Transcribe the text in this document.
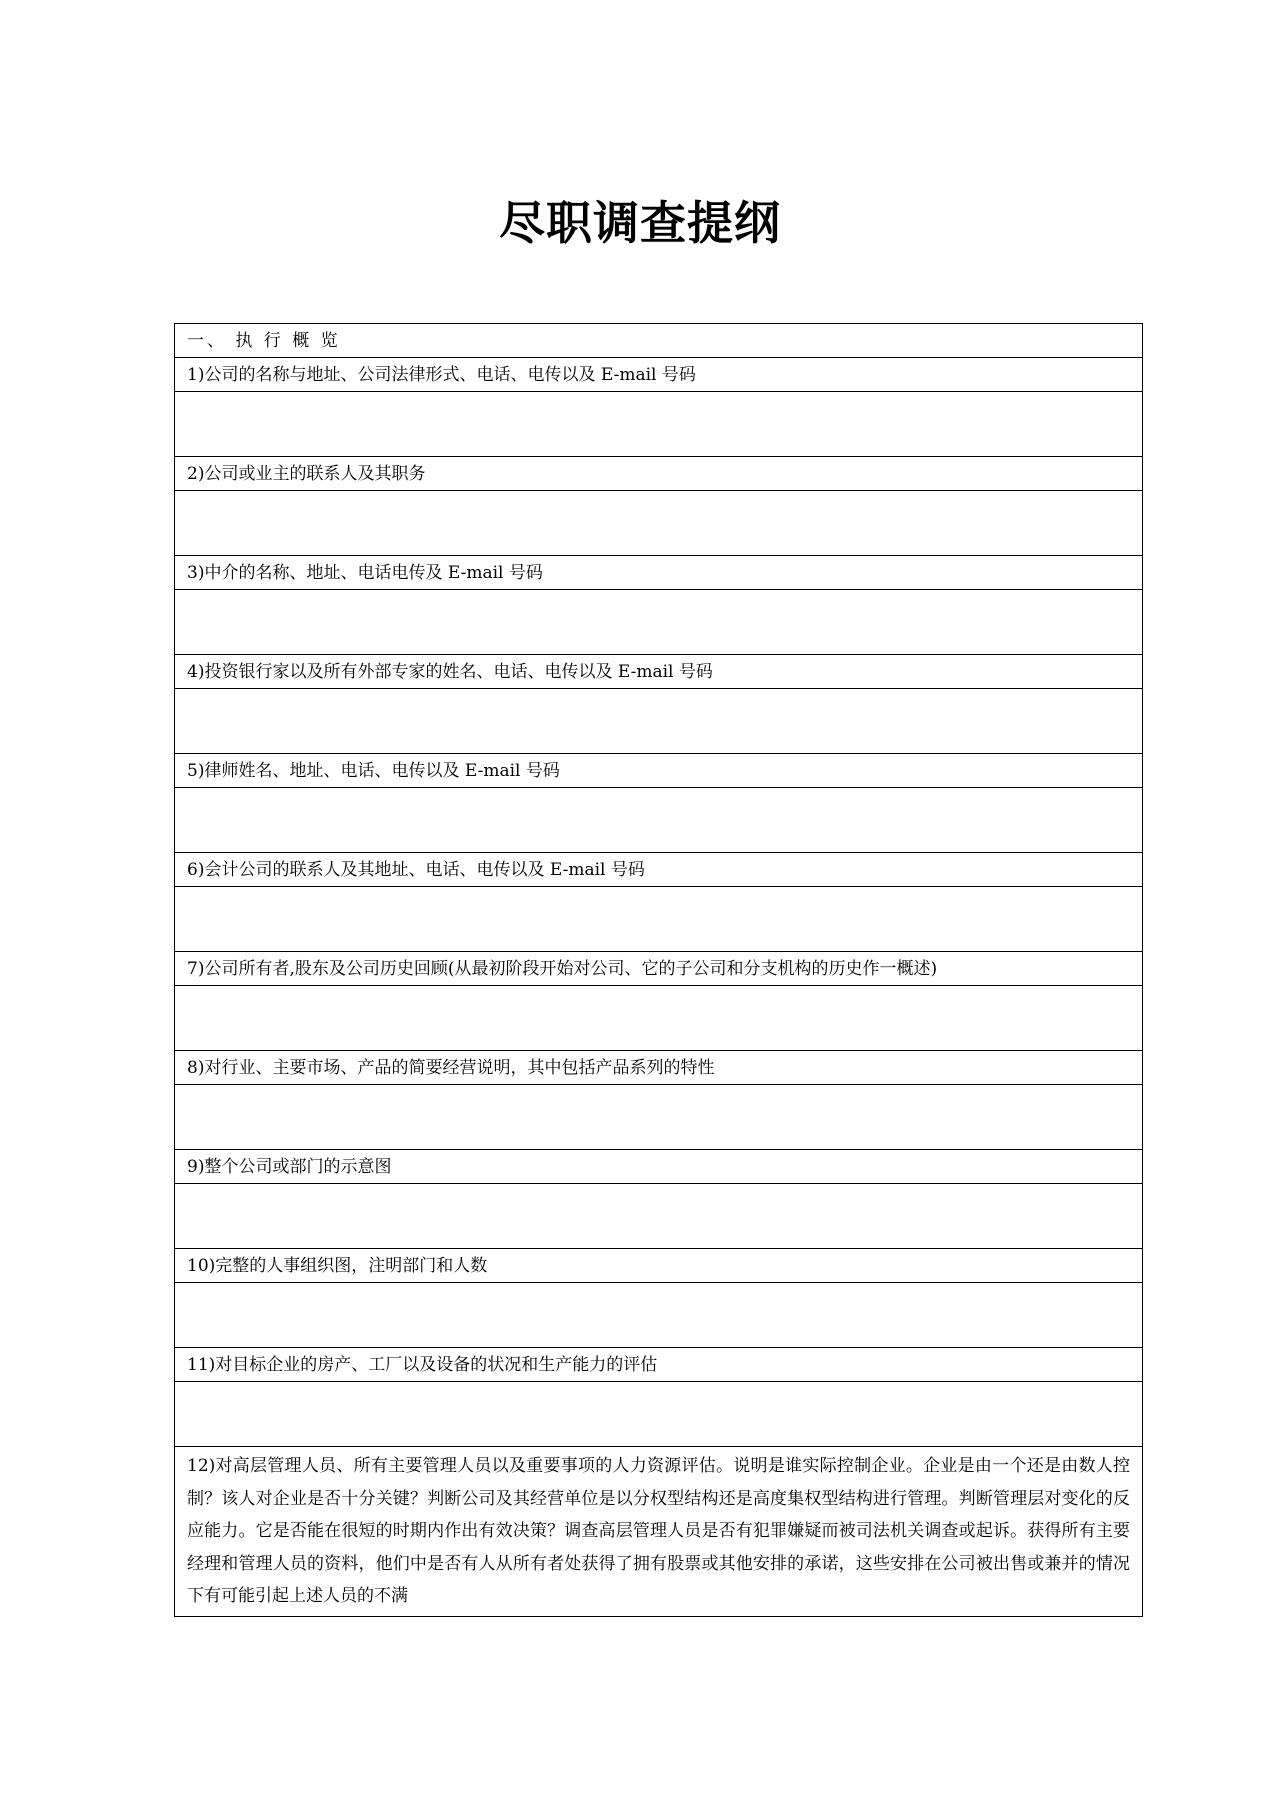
尽职调查提纲
一、 执 行 概 览
1)公司的名称与地址、公司法律形式、电话、电传以及 E-mail 号码

2)公司或业主的联系人及其职务

3)中介的名称、地址、电话电传及 E-mail 号码

4)投资银行家以及所有外部专家的姓名、电话、电传以及 E-mail 号码

5)律师姓名、地址、电话、电传以及 E-mail 号码

6)会计公司的联系人及其地址、电话、电传以及 E-mail 号码

7)公司所有者,股东及公司历史回顾(从最初阶段开始对公司、它的子公司和分支机构的历史作一概述)

8)对行业、主要市场、产品的简要经营说明，其中包括产品系列的特性

9)整个公司或部门的示意图

10)完整的人事组织图，注明部门和人数

11)对目标企业的房产、工厂以及设备的状况和生产能力的评估

12)对高层管理人员、所有主要管理人员以及重要事项的人力资源评估。说明是谁实际控制企业。企业是由一个还是由数人控制？该人对企业是否十分关键？判断公司及其经营单位是以分权型结构还是高度集权型结构进行管理。判断管理层对变化的反应能力。它是否能在很短的时期内作出有效决策？调查高层管理人员是否有犯罪嫌疑而被司法机关调查或起诉。获得所有主要经理和管理人员的资料，他们中是否有人从所有者处获得了拥有股票或其他安排的承诺，这些安排在公司被出售或兼并的情况下有可能引起上述人员的不满
